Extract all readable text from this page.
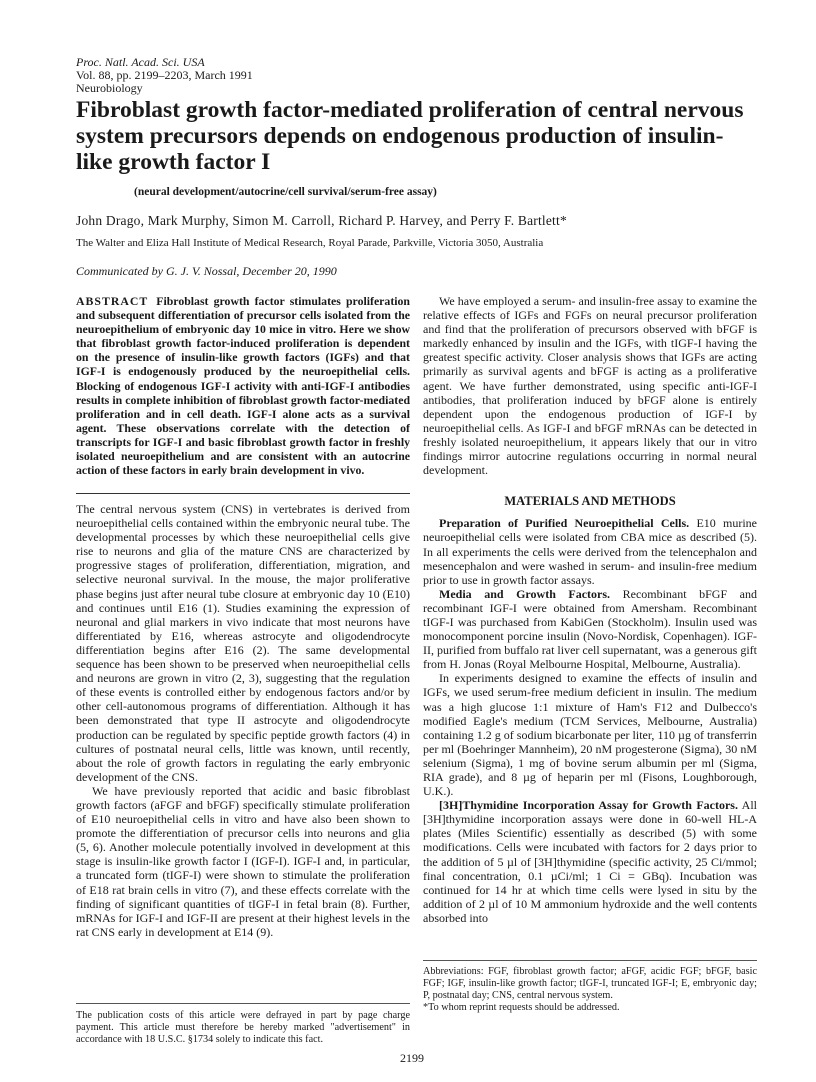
Proc. Natl. Acad. Sci. USA
Vol. 88, pp. 2199–2203, March 1991
Neurobiology
Fibroblast growth factor-mediated proliferation of central nervous system precursors depends on endogenous production of insulin-like growth factor I
(neural development/autocrine/cell survival/serum-free assay)
John Drago, Mark Murphy, Simon M. Carroll, Richard P. Harvey, and Perry F. Bartlett*
The Walter and Eliza Hall Institute of Medical Research, Royal Parade, Parkville, Victoria 3050, Australia
Communicated by G. J. V. Nossal, December 20, 1990
ABSTRACT Fibroblast growth factor stimulates proliferation and subsequent differentiation of precursor cells isolated from the neuroepithelium of embryonic day 10 mice in vitro. Here we show that fibroblast growth factor-induced proliferation is dependent on the presence of insulin-like growth factors (IGFs) and that IGF-I is endogenously produced by the neuroepithelial cells. Blocking of endogenous IGF-I activity with anti-IGF-I antibodies results in complete inhibition of fibroblast growth factor-mediated proliferation and in cell death. IGF-I alone acts as a survival agent. These observations correlate with the detection of transcripts for IGF-I and basic fibroblast growth factor in freshly isolated neuroepithelium and are consistent with an autocrine action of these factors in early brain development in vivo.

The central nervous system (CNS) in vertebrates is derived from neuroepithelial cells contained within the embryonic neural tube. The developmental processes by which these neuroepithelial cells give rise to neurons and glia of the mature CNS are characterized by progressive stages of proliferation, differentiation, migration, and selective neuronal survival. In the mouse, the major proliferative phase begins just after neural tube closure at embryonic day 10 (E10) and continues until E16 (1). Studies examining the expression of neuronal and glial markers in vivo indicate that most neurons have differentiated by E16, whereas astrocyte and oligodendrocyte differentiation begins after E16 (2). The same developmental sequence has been shown to be preserved when neuroepithelial cells and neurons are grown in vitro (2, 3), suggesting that the regulation of these events is controlled either by endogenous factors and/or by other cell-autonomous programs of differentiation. Although it has been demonstrated that type II astrocyte and oligodendrocyte production can be regulated by specific peptide growth factors (4) in cultures of postnatal neural cells, little was known, until recently, about the role of growth factors in regulating the early embryonic development of the CNS.

We have previously reported that acidic and basic fibroblast growth factors (aFGF and bFGF) specifically stimulate proliferation of E10 neuroepithelial cells in vitro and have also been shown to promote the differentiation of precursor cells into neurons and glia (5, 6). Another molecule potentially involved in development at this stage is insulin-like growth factor I (IGF-I). IGF-I and, in particular, a truncated form (tIGF-I) were shown to stimulate the proliferation of E18 rat brain cells in vitro (7), and these effects correlate with the finding of significant quantities of tIGF-I in fetal brain (8). Further, mRNAs for IGF-I and IGF-II are present at their highest levels in the rat CNS early in development at E14 (9).

We have employed a serum- and insulin-free assay to examine the relative effects of IGFs and FGFs on neural precursor proliferation and find that the proliferation of precursors observed with bFGF is markedly enhanced by insulin and the IGFs, with tIGF-I having the greatest specific activity. Closer analysis shows that IGFs are acting primarily as survival agents and bFGF is acting as a proliferative agent. We have further demonstrated, using specific anti-IGF-I antibodies, that proliferation induced by bFGF alone is entirely dependent upon the endogenous production of IGF-I by neuroepithelial cells. As IGF-I and bFGF mRNAs can be detected in freshly isolated neuroepithelium, it appears likely that our in vitro findings mirror autocrine regulations occurring in normal neural development.

MATERIALS AND METHODS

Preparation of Purified Neuroepithelial Cells. E10 murine neuroepithelial cells were isolated from CBA mice as described (5). In all experiments the cells were derived from the telencephalon and mesencephalon and were washed in serum- and insulin-free medium prior to use in growth factor assays.

Media and Growth Factors. Recombinant bFGF and recombinant IGF-I were obtained from Amersham. Recombinant tIGF-I was purchased from KabiGen (Stockholm). Insulin used was monocomponent porcine insulin (Novo-Nordisk, Copenhagen). IGF-II, purified from buffalo rat liver cell supernatant, was a generous gift from H. Jonas (Royal Melbourne Hospital, Melbourne, Australia).

In experiments designed to examine the effects of insulin and IGFs, we used serum-free medium deficient in insulin. The medium was a high glucose 1:1 mixture of Ham's F12 and Dulbecco's modified Eagle's medium (TCM Services, Melbourne, Australia) containing 1.2 g of sodium bicarbonate per liter, 110 µg of transferrin per ml (Boehringer Mannheim), 20 nM progesterone (Sigma), 30 nM selenium (Sigma), 1 mg of bovine serum albumin per ml (Sigma, RIA grade), and 8 µg of heparin per ml (Fisons, Loughborough, U.K.).

[3H]Thymidine Incorporation Assay for Growth Factors. All [3H]thymidine incorporation assays were done in 60-well HL-A plates (Miles Scientific) essentially as described (5) with some modifications. Cells were incubated with factors for 2 days prior to the addition of 5 µl of [3H]thymidine (specific activity, 25 Ci/mmol; final concentration, 0.1 µCi/ml; 1 Ci = GBq). Incubation was continued for 14 hr at which time cells were lysed in situ by the addition of 2 µl of 10 M ammonium hydroxide and the well contents absorbed into

The publication costs of this article were defrayed in part by page charge payment. This article must therefore be hereby marked "advertisement" in accordance with 18 U.S.C. §1734 solely to indicate this fact.
Abbreviations: FGF, fibroblast growth factor; aFGF, acidic FGF; bFGF, basic FGF; IGF, insulin-like growth factor; tIGF-I, truncated IGF-I; E, embryonic day; P, postnatal day; CNS, central nervous system.
*To whom reprint requests should be addressed.
2199
